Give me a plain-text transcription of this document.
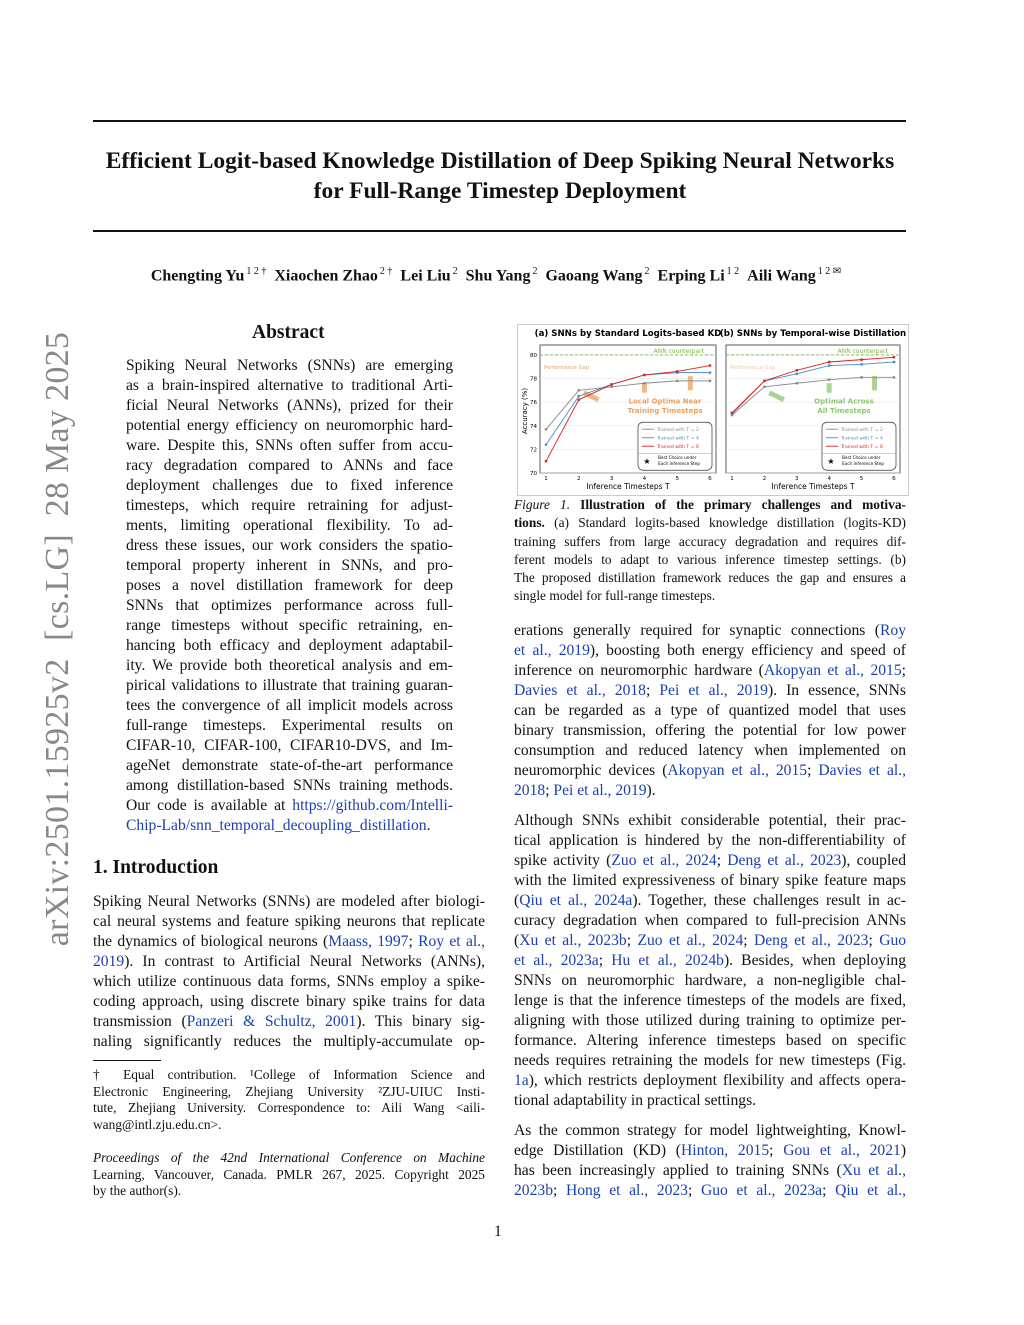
arXiv:2501.15925v2  [cs.LG]  28 May 2025
Efficient Logit-based Knowledge Distillation of Deep Spiking Neural Networks
for Full-Range Timestep Deployment
Chengting Yu $^{1 2 \dagger}$ Xiaochen Zhao $^{2 \dagger}$ Lei Liu $^2$ Shu Yang $^2$ Gaoang Wang $^2$ Erping Li $^{1 2}$ Aili Wang $^{1 2 ✉}$
Abstract
Spiking Neural Networks (SNNs) are emerging
as a brain-inspired alternative to traditional Arti-
ficial Neural Networks (ANNs), prized for their
potential energy efficiency on neuromorphic hard-
ware. Despite this, SNNs often suffer from accu-
racy degradation compared to ANNs and face
deployment challenges due to fixed inference
timesteps, which require retraining for adjust-
ments, limiting operational flexibility. To ad-
dress these issues, our work considers the spatio-
temporal property inherent in SNNs, and pro-
poses a novel distillation framework for deep
SNNs that optimizes performance across full-
range timesteps without specific retraining, en-
hancing both efficacy and deployment adaptabil-
ity. We provide both theoretical analysis and em-
pirical validations to illustrate that training guaran-
tees the convergence of all implicit models across
full-range timesteps. Experimental results on
CIFAR-10, CIFAR-100, CIFAR10-DVS, and Im-
ageNet demonstrate state-of-the-art performance
among distillation-based SNNs training methods.
Our code is available at https://github.com/Intelli-
Chip-Lab/snn_temporal_decoupling_distillation.
1. Introduction
Spiking Neural Networks (SNNs) are modeled after biologi-
cal neural systems and feature spiking neurons that replicate
the dynamics of biological neurons (Maass, 1997; Roy et al.,
2019). In contrast to Artificial Neural Networks (ANNs),
which utilize continuous data forms, SNNs employ a spike-
coding approach, using discrete binary spike trains for data
transmission (Panzeri & Schultz, 2001). This binary sig-
naling significantly reduces the multiply-accumulate op-
† Equal contribution. ¹College of Information Science and
Electronic Engineering, Zhejiang University ²ZJU-UIUC Insti-
tute, Zhejiang University. Correspondence to: Aili Wang <aili-
wang@intl.zju.edu.cn>.
Proceedings of the 42nd International Conference on Machine
Learning, Vancouver, Canada. PMLR 267, 2025. Copyright 2025
by the author(s).
(a) SNNs by Standard Logits-based KD
70
72
74
76
78
80
1	2	3	4	5	6
Inference Timesteps T
Accuracy (%)
ANN counterpart
Performance Gap
Local Optima Near
Training Timesteps
Trained with T = 2
Trained with T = 4
Trained with T = 6
★ Best Choice under
Each Inference Step
(b) SNNs by Temporal-wise Distillation
1	2	3	4	5	6
Inference Timesteps T
ANN counterpart
Performance Gap
Optimal Across
All Timesteps
Trained with T = 2
Trained with T = 4
Trained with T = 6
★ Best Choice under
Each Inference Step
Figure 1. Illustration of the primary challenges and motiva-
tions. (a) Standard logits-based knowledge distillation (logits-KD)
training suffers from large accuracy degradation and requires dif-
ferent models to adapt to various inference timestep settings. (b)
The proposed distillation framework reduces the gap and ensures a
single model for full-range timesteps.
erations generally required for synaptic connections (Roy
et al., 2019), boosting both energy efficiency and speed of
inference on neuromorphic hardware (Akopyan et al., 2015;
Davies et al., 2018; Pei et al., 2019). In essence, SNNs
can be regarded as a type of quantized model that uses
binary transmission, offering the potential for low power
consumption and reduced latency when implemented on
neuromorphic devices (Akopyan et al., 2015; Davies et al.,
2018; Pei et al., 2019).
Although SNNs exhibit considerable potential, their prac-
tical application is hindered by the non-differentiability of
spike activity (Zuo et al., 2024; Deng et al., 2023), coupled
with the limited expressiveness of binary spike feature maps
(Qiu et al., 2024a). Together, these challenges result in ac-
curacy degradation when compared to full-precision ANNs
(Xu et al., 2023b; Zuo et al., 2024; Deng et al., 2023; Guo
et al., 2023a; Hu et al., 2024b). Besides, when deploying
SNNs on neuromorphic hardware, a non-negligible chal-
lenge is that the inference timesteps of the models are fixed,
aligning with those utilized during training to optimize per-
formance. Altering inference timesteps based on specific
needs requires retraining the models for new timesteps (Fig.
1a), which restricts deployment flexibility and affects opera-
tional adaptability in practical settings.
As the common strategy for model lightweighting, Knowl-
edge Distillation (KD) (Hinton, 2015; Gou et al., 2021)
has been increasingly applied to training SNNs (Xu et al.,
2023b; Hong et al., 2023; Guo et al., 2023a; Qiu et al.,
1
